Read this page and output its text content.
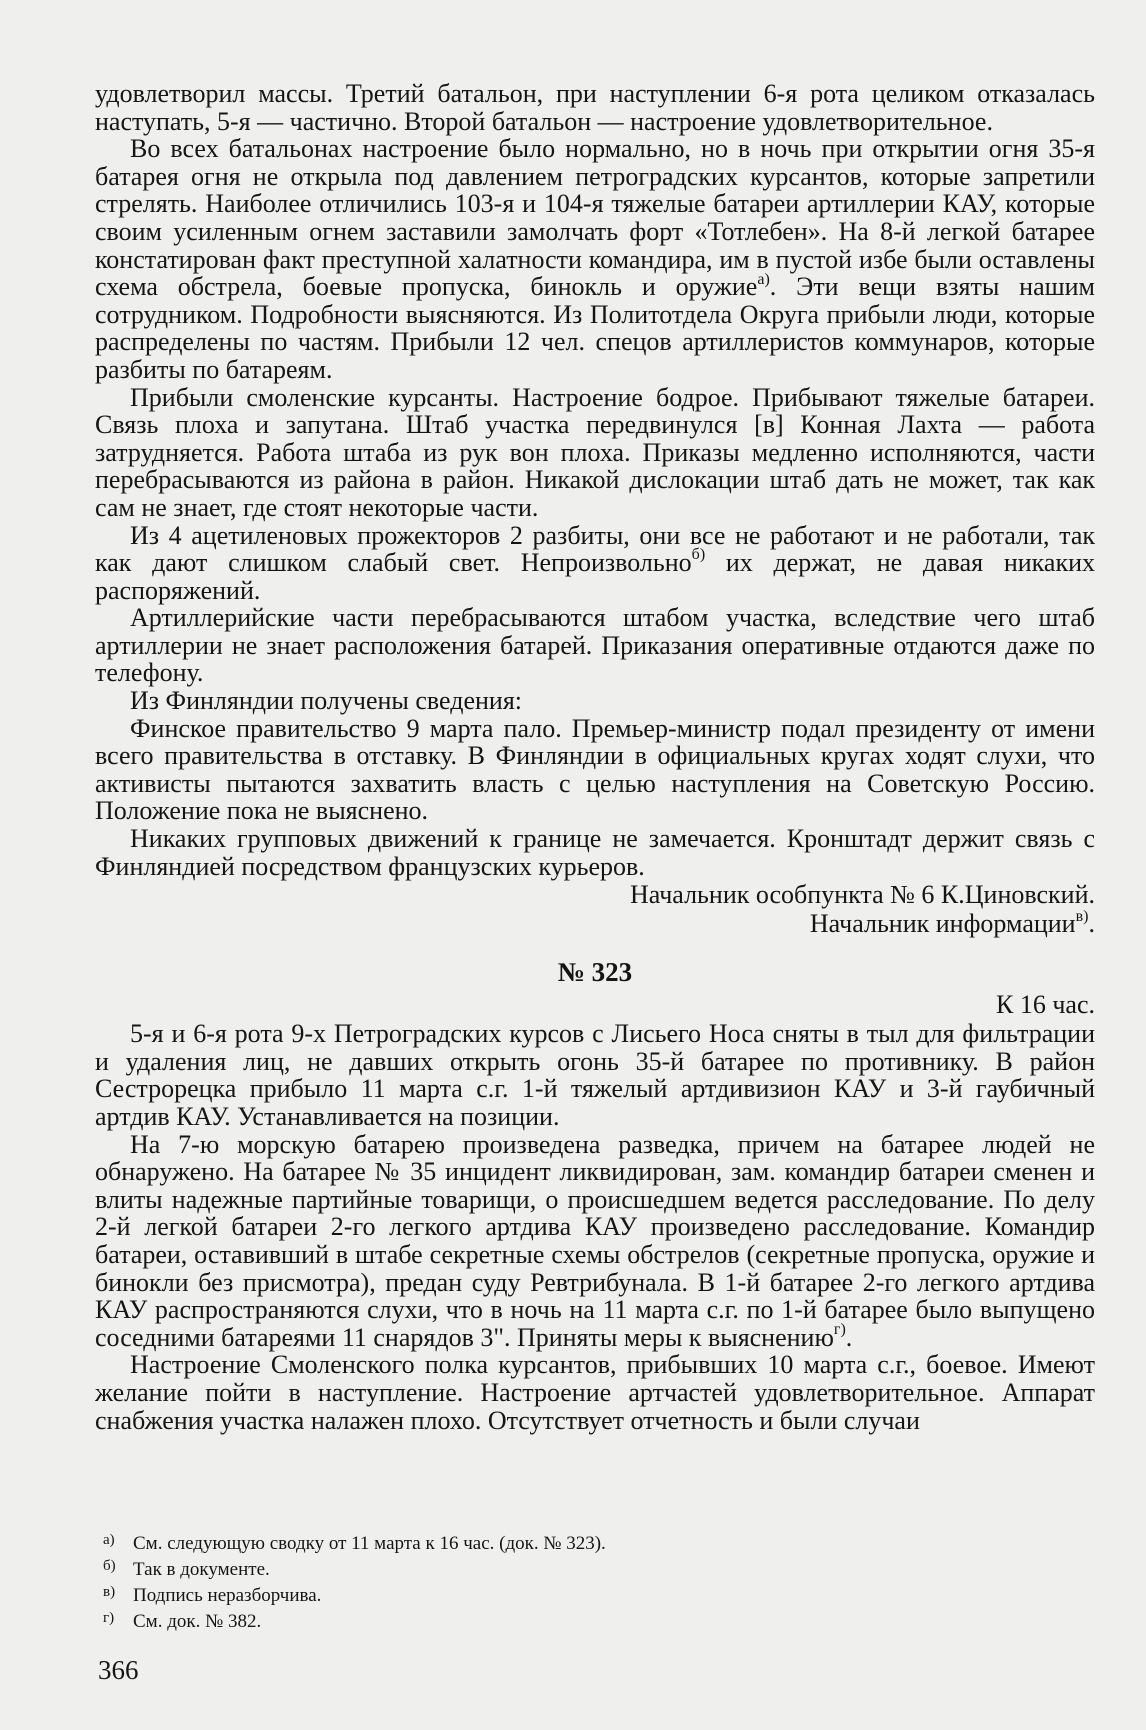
удовлетворил массы. Третий батальон, при наступлении 6-я рота целиком отказалась наступать, 5-я — частично. Второй батальон — настроение удовлетворительное.

Во всех батальонах настроение было нормально, но в ночь при открытии огня 35-я батарея огня не открыла под давлением петроградских курсантов, которые запретили стрелять. Наиболее отличились 103-я и 104-я тяжелые батареи артиллерии КАУ, которые своим усиленным огнем заставили замолчать форт «Тотлебен». На 8-й легкой батарее констатирован факт преступной халатности командира, им в пустой избе были оставлены схема обстрела, боевые пропуска, бинокль и оружие$^{а)}$. Эти вещи взяты нашим сотрудником. Подробности выясняются. Из Политотдела Округа прибыли люди, которые распределены по частям. Прибыли 12 чел. спецов артиллеристов коммунаров, которые разбиты по батареям.

Прибыли смоленские курсанты. Настроение бодрое. Прибывают тяжелые батареи. Связь плоха и запутана. Штаб участка передвинулся [в] Конная Лахта — работа затрудняется. Работа штаба из рук вон плоха. Приказы медленно исполняются, части перебрасываются из района в район. Никакой дислокации штаб дать не может, так как сам не знает, где стоят некоторые части.

Из 4 ацетиленовых прожекторов 2 разбиты, они все не работают и не работали, так как дают слишком слабый свет. Непроизвольно$^{б)}$ их держат, не давая никаких распоряжений.

Артиллерийские части перебрасываются штабом участка, вследствие чего штаб артиллерии не знает расположения батарей. Приказания оперативные отдаются даже по телефону.

Из Финляндии получены сведения:

Финское правительство 9 марта пало. Премьер-министр подал президенту от имени всего правительства в отставку. В Финляндии в официальных кругах ходят слухи, что активисты пытаются захватить власть с целью наступления на Советскую Россию. Положение пока не выяснено.

Никаких групповых движений к границе не замечается. Кронштадт держит связь с Финляндией посредством французских курьеров.

Начальник особпункта № 6 К.Циновский.
Начальник информации$^{в)}$.
№ 323
К 16 час.

5-я и 6-я рота 9-х Петроградских курсов с Лисьего Носа сняты в тыл для фильтрации и удаления лиц, не давших открыть огонь 35-й батарее по противнику. В район Сестрорецка прибыло 11 марта с.г. 1-й тяжелый артдивизион КАУ и 3-й гаубичный артдив КАУ. Устанавливается на позиции.

На 7-ю морскую батарею произведена разведка, причем на батарее людей не обнаружено. На батарее № 35 инцидент ликвидирован, зам. командир батареи сменен и влиты надежные партийные товарищи, о происшедшем ведется расследование. По делу 2-й легкой батареи 2-го легкого артдива КАУ произведено расследование. Командир батареи, оставивший в штабе секретные схемы обстрелов (секретные пропуска, оружие и бинокли без присмотра), предан суду Ревтрибунала. В 1-й батарее 2-го легкого артдива КАУ распространяются слухи, что в ночь на 11 марта с.г. по 1-й батарее было выпущено соседними батареями 11 снарядов 3". Приняты меры к выяснению$^{г)}$.

Настроение Смоленского полка курсантов, прибывших 10 марта с.г., боевое. Имеют желание пойти в наступление. Настроение артчастей удовлетворительное. Аппарат снабжения участка налажен плохо. Отсутствует отчетность и были случаи

а) См. следующую сводку от 11 марта к 16 час. (док. № 323).
б) Так в документе.
в) Подпись неразборчива.
г) См. док. № 382.
366
